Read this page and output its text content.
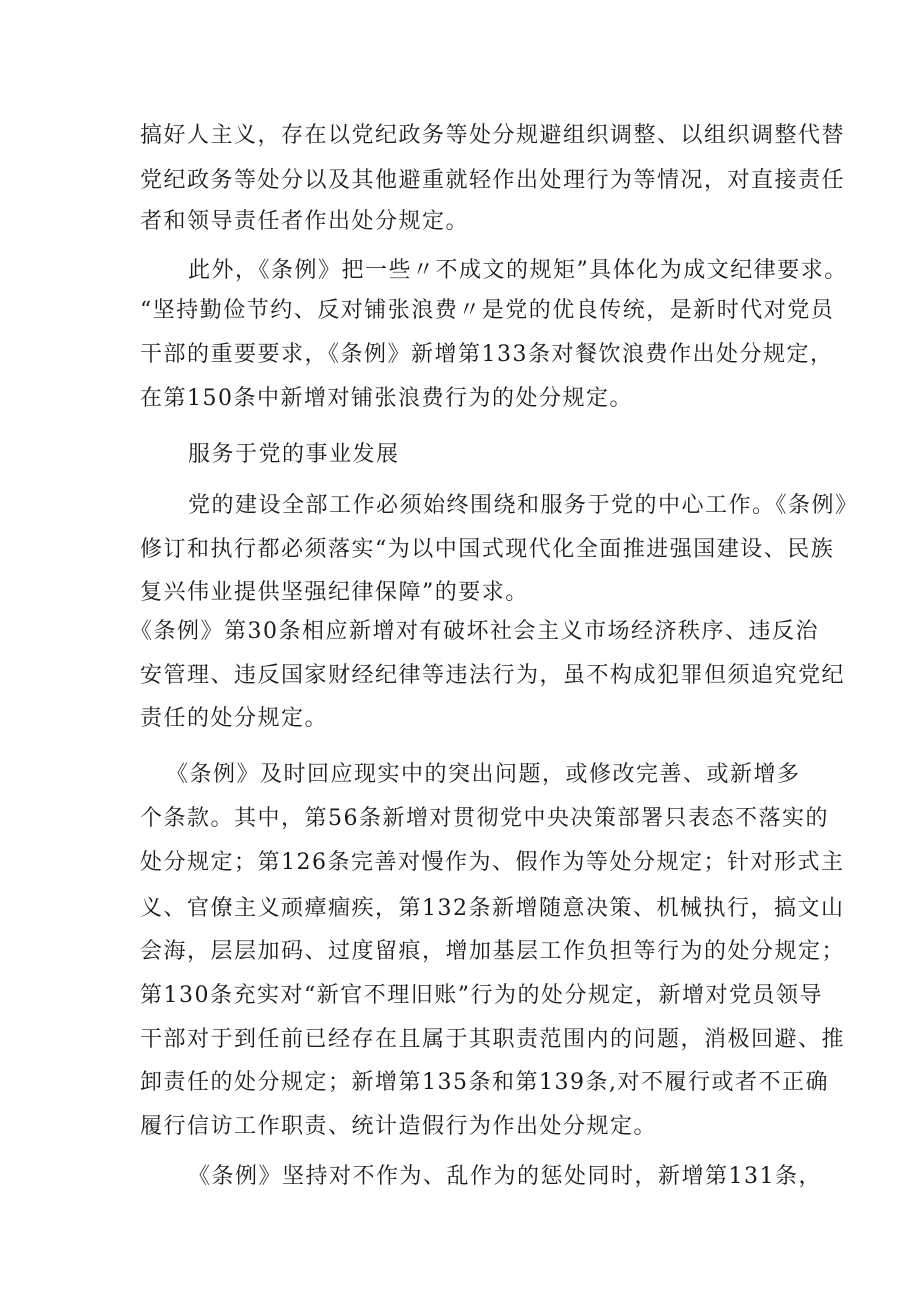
搞好人主义，存在以党纪政务等处分规避组织调整、以组织调整代替
党纪政务等处分以及其他避重就轻作出处理行为等情况，对直接责任
者和领导责任者作出处分规定。
此外，《条例》把一些〃不成文的规矩”具体化为成文纪律要求。
“坚持勤俭节约、反对铺张浪费〃是党的优良传统，是新时代对党员
干部的重要要求，《条例》新增第133条对餐饮浪费作出处分规定，
在第150条中新增对铺张浪费行为的处分规定。
服务于党的事业发展
党的建设全部工作必须始终围绕和服务于党的中心工作。《条例》
修订和执行都必须落实“为以中国式现代化全面推进强国建设、民族
复兴伟业提供坚强纪律保障”的要求。
《条例》第30条相应新增对有破坏社会主义市场经济秩序、违反治
安管理、违反国家财经纪律等违法行为，虽不构成犯罪但须追究党纪
责任的处分规定。
《条例》及时回应现实中的突出问题，或修改完善、或新增多
个条款。其中，第56条新增对贯彻党中央决策部署只表态不落实的
处分规定；第126条完善对慢作为、假作为等处分规定；针对形式主
义、官僚主义顽瘴痼疾，第132条新增随意决策、机械执行，搞文山
会海，层层加码、过度留痕，增加基层工作负担等行为的处分规定；
第130条充实对“新官不理旧账”行为的处分规定，新增对党员领导
干部对于到任前已经存在且属于其职责范围内的问题，消极回避、推
卸责任的处分规定；新增第135条和第139条,对不履行或者不正确
履行信访工作职责、统计造假行为作出处分规定。
《条例》坚持对不作为、乱作为的惩处同时，新增第131条，
